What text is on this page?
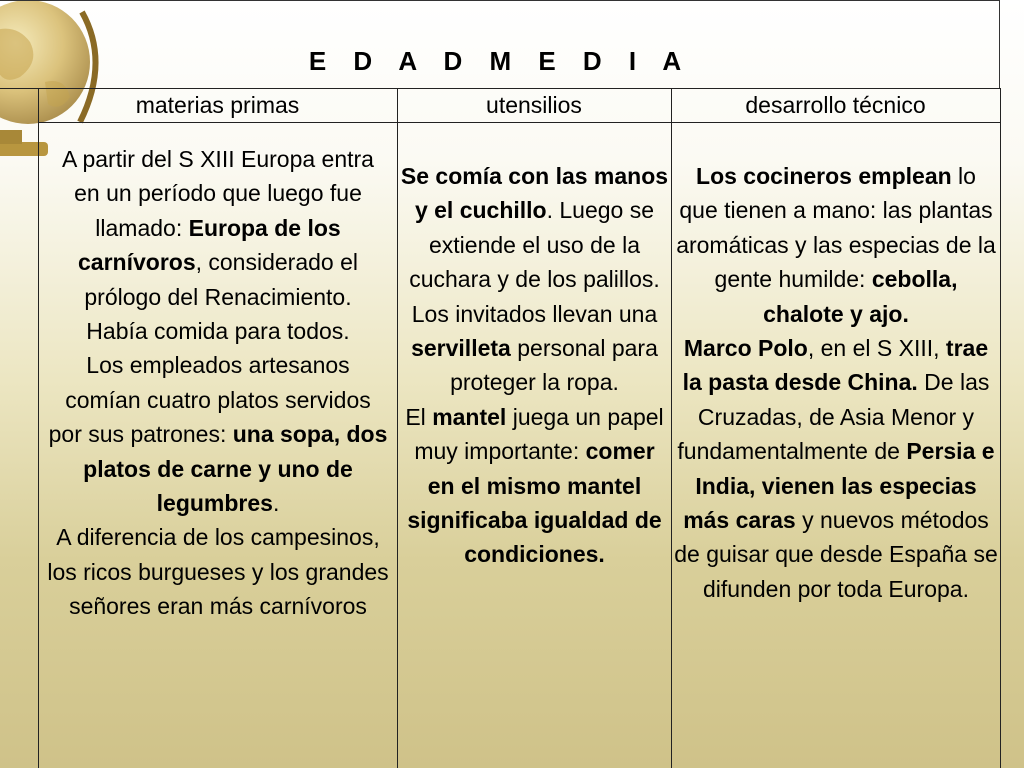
E D A D M E D I A
materias primas	utensilios	desarrollo técnico
A partir del S XIII Europa entra en un período que luego fue llamado: Europa de los carnívoros, considerado el prólogo del Renacimiento.
Había comida para todos.
Los empleados artesanos comían cuatro platos servidos por sus patrones: una sopa, dos platos de carne y uno de legumbres.
A diferencia de los campesinos, los ricos burgueses y los grandes señores eran más carnívoros
Se comía con las manos y el cuchillo. Luego se extiende el uso de la cuchara y de los palillos.
Los invitados llevan una servilleta personal para proteger la ropa.
El mantel juega un papel muy importante: comer en el mismo mantel significaba igualdad de condiciones.
Los cocineros emplean lo que tienen a mano: las plantas aromáticas y las especias de la gente humilde: cebolla, chalote y ajo.
Marco Polo, en el S XIII, trae la pasta desde China. De las Cruzadas, de Asia Menor y fundamentalmente de Persia e India, vienen las especias más caras y nuevos métodos de guisar que desde España se difunden por toda Europa.
